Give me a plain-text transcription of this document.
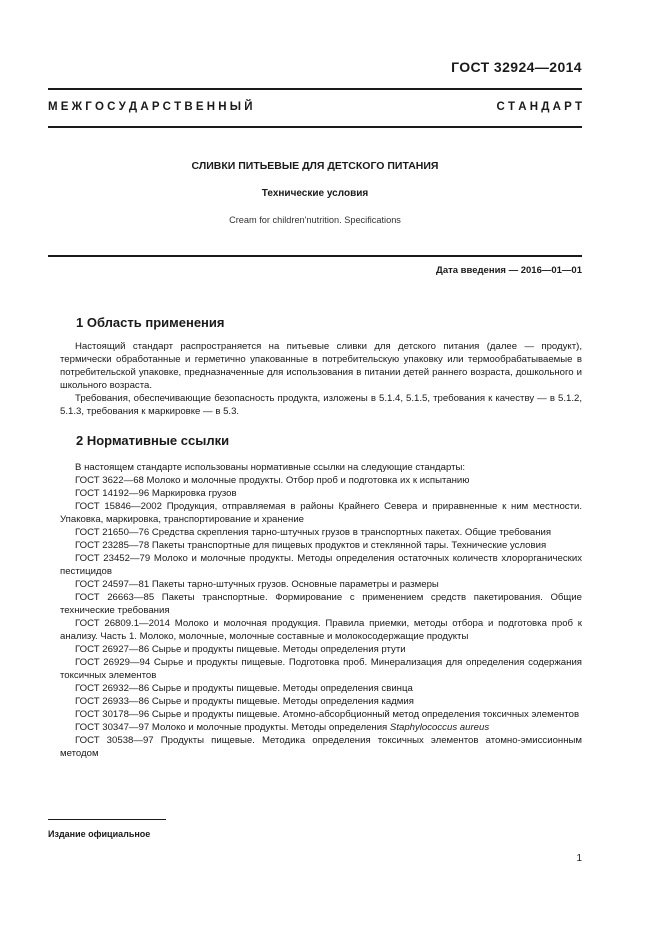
ГОСТ 32924—2014
М Е Ж Г О С У Д А Р С Т В Е Н Н Ы Й	С Т А Н Д А Р Т
СЛИВКИ ПИТЬЕВЫЕ ДЛЯ ДЕТСКОГО ПИТАНИЯ
Технические условия
Cream for children'nutrition. Specifications
Дата введения — 2016—01—01
1 Область применения
Настоящий стандарт распространяется на питьевые сливки для детского питания (далее — продукт), термически обработанные и герметично упакованные в потребительскую упаковку или термообрабатываемые в потребительской упаковке, предназначенные для использования в питании детей раннего возраста, дошкольного и школьного возраста.
Требования, обеспечивающие безопасность продукта, изложены в 5.1.4, 5.1.5, требования к качеству — в 5.1.2, 5.1.3, требования к маркировке — в 5.3.
2 Нормативные ссылки
В настоящем стандарте использованы нормативные ссылки на следующие стандарты:
ГОСТ 3622—68 Молоко и молочные продукты. Отбор проб и подготовка их к испытанию
ГОСТ 14192—96 Маркировка грузов
ГОСТ 15846—2002 Продукция, отправляемая в районы Крайнего Севера и приравненные к ним местности. Упаковка, маркировка, транспортирование и хранение
ГОСТ 21650—76 Средства скрепления тарно-штучных грузов в транспортных пакетах. Общие требования
ГОСТ 23285—78 Пакеты транспортные для пищевых продуктов и стеклянной тары. Технические условия
ГОСТ 23452—79 Молоко и молочные продукты. Методы определения остаточных количеств хлорорганических пестицидов
ГОСТ 24597—81 Пакеты тарно-штучных грузов. Основные параметры и размеры
ГОСТ 26663—85 Пакеты транспортные. Формирование с применением средств пакетирования. Общие технические требования
ГОСТ 26809.1—2014 Молоко и молочная продукция. Правила приемки, методы отбора и подготовка проб к анализу. Часть 1. Молоко, молочные, молочные составные и молокосодержащие продукты
ГОСТ 26927—86 Сырье и продукты пищевые. Методы определения ртути
ГОСТ 26929—94 Сырье и продукты пищевые. Подготовка проб. Минерализация для определения содержания токсичных элементов
ГОСТ 26932—86 Сырье и продукты пищевые. Методы определения свинца
ГОСТ 26933—86 Сырье и продукты пищевые. Методы определения кадмия
ГОСТ 30178—96 Сырье и продукты пищевые. Атомно-абсорбционный метод определения токсичных элементов
ГОСТ 30347—97 Молоко и молочные продукты. Методы определения Staphylococcus aureus
ГОСТ 30538—97 Продукты пищевые. Методика определения токсичных элементов атомно-эмиссионным методом
Издание официальное
1
